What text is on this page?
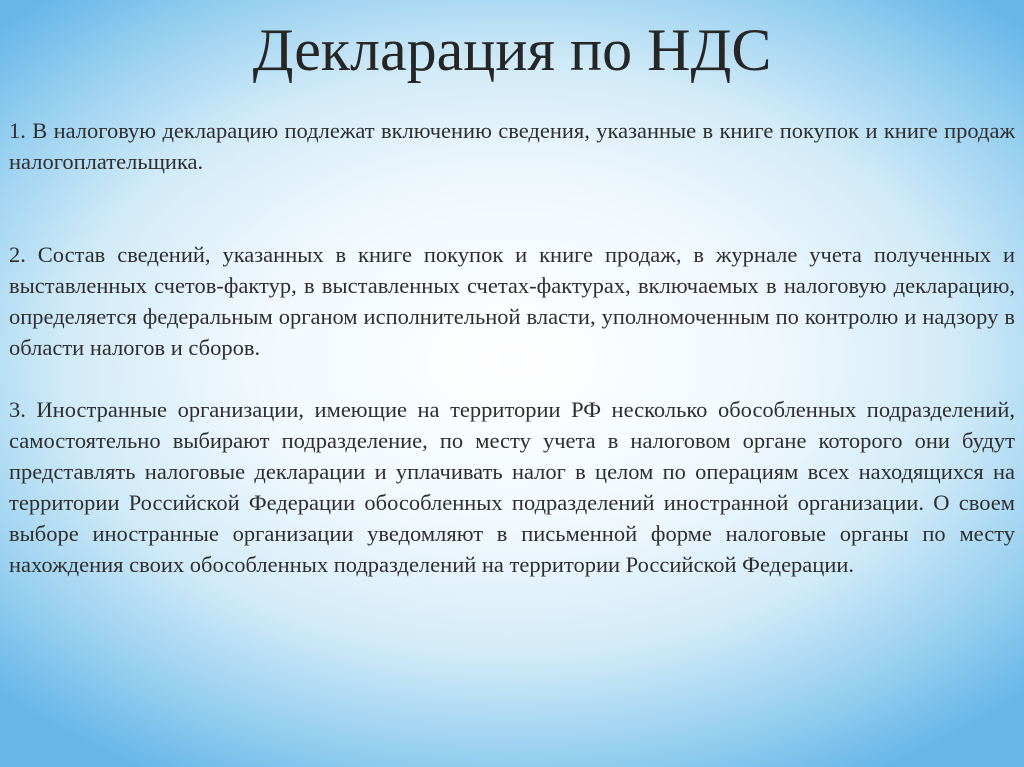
Декларация по НДС

1. В налоговую декларацию подлежат включению сведения, указанные в книге покупок и книге продаж налогоплательщика.

2. Состав сведений, указанных в книге покупок и книге продаж, в журнале учета полученных и выставленных счетов-фактур, в выставленных счетах-фактурах, включаемых в налоговую декларацию, определяется федеральным органом исполнительной власти, уполномоченным по контролю и надзору в области налогов и сборов.

3. Иностранные организации, имеющие на территории РФ несколько обособленных подразделений, самостоятельно выбирают подразделение, по месту учета в налоговом органе которого они будут представлять налоговые декларации и уплачивать налог в целом по операциям всех находящихся на территории Российской Федерации обособленных подразделений иностранной организации. О своем выборе иностранные организации уведомляют в письменной форме налоговые органы по месту нахождения своих обособленных подразделений на территории Российской Федерации.
